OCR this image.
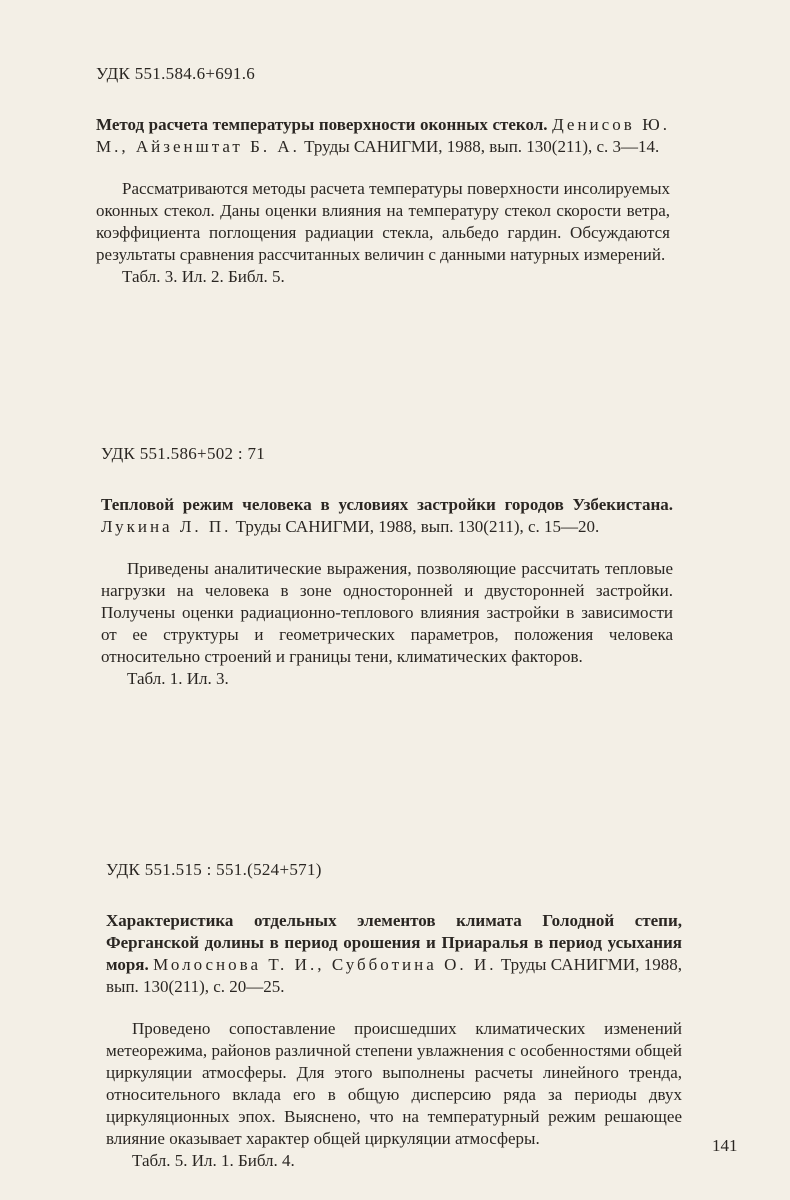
УДК 551.584.6+691.6

Метод расчета температуры поверхности оконных стекол. Денисов Ю. М., Айзенштат Б. А. Труды САНИГМИ, 1988, вып. 130(211), с. 3—14.

Рассматриваются методы расчета температуры поверхности инсолируемых оконных стекол. Даны оценки влияния на температуру стекол скорости ветра, коэффициента поглощения радиации стекла, альбедо гардин. Обсуждаются результаты сравнения рассчитанных величин с данными натурных измерений.

Табл. 3. Ил. 2. Библ. 5.

УДК 551.586+502 : 71

Тепловой режим человека в условиях застройки городов Узбекистана. Лукина Л. П. Труды САНИГМИ, 1988, вып. 130(211), с. 15—20.

Приведены аналитические выражения, позволяющие рассчитать тепловые нагрузки на человека в зоне односторонней и двусторонней застройки. Получены оценки радиационно-теплового влияния застройки в зависимости от ее структуры и геометрических параметров, положения человека относительно строений и границы тени, климатических факторов.

Табл. 1. Ил. 3.

УДК 551.515 : 551.(524+571)

Характеристика отдельных элементов климата Голодной степи, Ферганской долины в период орошения и Приаралья в период усыхания моря. Молоснова Т. И., Субботина О. И. Труды САНИГМИ, 1988, вып. 130(211), с. 20—25.

Проведено сопоставление происшедших климатических изменений метеорежима, районов различной степени увлажнения с особенностями общей циркуляции атмосферы. Для этого выполнены расчеты линейного тренда, относительного вклада его в общую дисперсию ряда за периоды двух циркуляционных эпох. Выяснено, что на температурный режим решающее влияние оказывает характер общей циркуляции атмосферы.

Табл. 5. Ил. 1. Библ. 4.

141
